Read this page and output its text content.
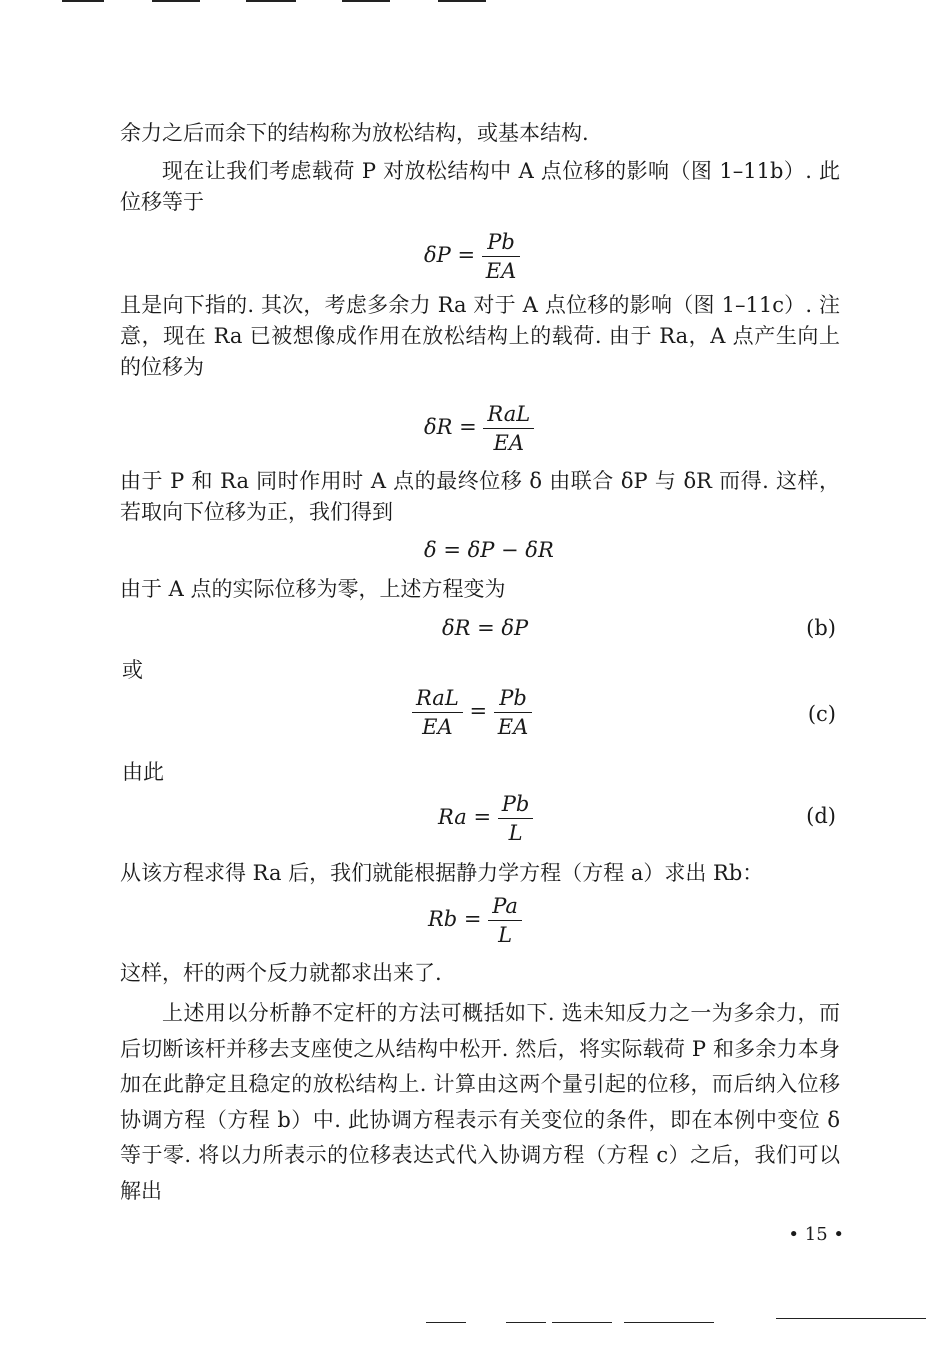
余力之后而余下的结构称为放松结构，或基本结构.
现在让我们考虑载荷 P 对放松结构中 A 点位移的影响（图 1–11b）. 此位移等于
$\delta P = \frac{Pb}{EA}$
且是向下指的. 其次，考虑多余力 Ra 对于 A 点位移的影响（图 1–11c）. 注意，现在 Ra 已被想像成作用在放松结构上的载荷. 由于 Ra，A 点产生向上的位移为
$\delta R = \frac{\text{RaL}}{EA}$
由于 P 和 Ra 同时作用时 A 点的最终位移 δ 由联合 δP 与 δR 而得. 这样，若取向下位移为正，我们得到
δ = δP − δR
由于 A 点的实际位移为零，上述方程变为
δR = δP	(b)
或
$\frac{\text{RaL}}{EA} = \frac{Pb}{EA}$	(c)
由此
$Ra = \frac{Pb}{L}$	(d)
从该方程求得 Ra 后，我们就能根据静力学方程（方程 a）求出 Rb：
$Rb = \frac{Pa}{L}$
这样，杆的两个反力就都求出来了.
上述用以分析静不定杆的方法可概括如下. 选未知反力之一为多余力，而后切断该杆并移去支座使之从结构中松开. 然后，将实际载荷 P 和多余力本身加在此静定且稳定的放松结构上. 计算由这两个量引起的位移，而后纳入位移协调方程（方程 b）中. 此协调方程表示有关变位的条件，即在本例中变位 δ 等于零. 将以力所表示的位移表达式代入协调方程（方程 c）之后，我们可以解出
• 15 •
